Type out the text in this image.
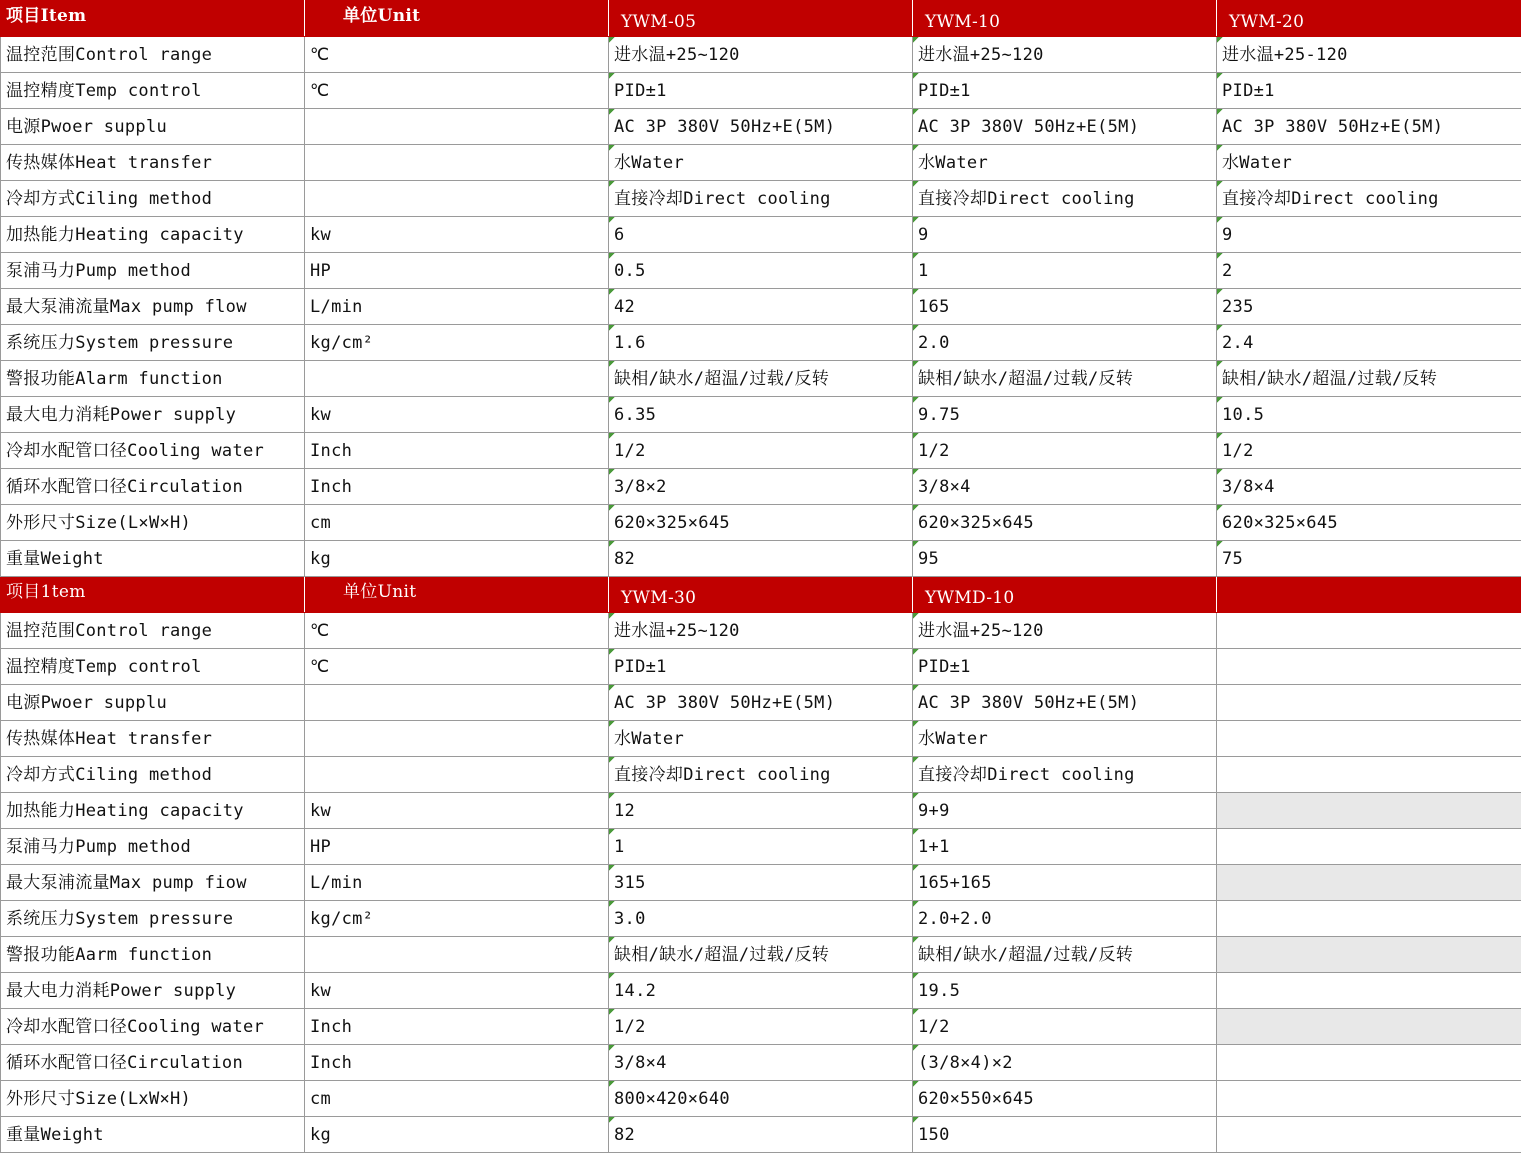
项目Item	单位Unit	YWM-05	YWM-10	YWM-20
温控范围Control range	℃	进水温+25~120	进水温+25~120	进水温+25-120
温控精度Temp control	℃	PID±1	PID±1	PID±1
电源Pwoer supplu		AC 3P 380V 50Hz+E(5M)	AC 3P 380V 50Hz+E(5M)	AC 3P 380V 50Hz+E(5M)
传热媒体Heat transfer		水Water	水Water	水Water
冷却方式Ciling method		直接冷却Direct cooling	直接冷却Direct cooling	直接冷却Direct cooling
加热能力Heating capacity	kw	6	9	9
泵浦马力Pump method	HP	0.5	1	2
最大泵浦流量Max pump flow	L/min	42	165	235
系统压力System pressure	kg/cm²	1.6	2.0	2.4
警报功能Alarm function		缺相/缺水/超温/过载/反转	缺相/缺水/超温/过载/反转	缺相/缺水/超温/过载/反转
最大电力消耗Power supply	kw	6.35	9.75	10.5
冷却水配管口径Cooling water	Inch	1/2	1/2	1/2
循环水配管口径Circulation	Inch	3/8×2	3/8×4	3/8×4
外形尺寸Size(L×W×H)	cm	620×325×645	620×325×645	620×325×645
重量Weight	kg	82	95	75
项目1tem	单位Unit	YWM-30	YWMD-10	
温控范围Control range	℃	进水温+25~120	进水温+25~120	
温控精度Temp control	℃	PID±1	PID±1	
电源Pwoer supplu		AC 3P 380V 50Hz+E(5M)	AC 3P 380V 50Hz+E(5M)	
传热媒体Heat transfer		水Water	水Water	
冷却方式Ciling method		直接冷却Direct cooling	直接冷却Direct cooling	
加热能力Heating capacity	kw	12	9+9	
泵浦马力Pump method	HP	1	1+1	
最大泵浦流量Max pump fiow	L/min	315	165+165	
系统压力System pressure	kg/cm²	3.0	2.0+2.0	
警报功能Aarm function		缺相/缺水/超温/过载/反转	缺相/缺水/超温/过载/反转	
最大电力消耗Power supply	kw	14.2	19.5	
冷却水配管口径Cooling water	Inch	1/2	1/2	
循环水配管口径Circulation	Inch	3/8×4	(3/8×4)×2	
外形尺寸Size(LxW×H)	cm	800×420×640	620×550×645	
重量Weight	kg	82	150	
